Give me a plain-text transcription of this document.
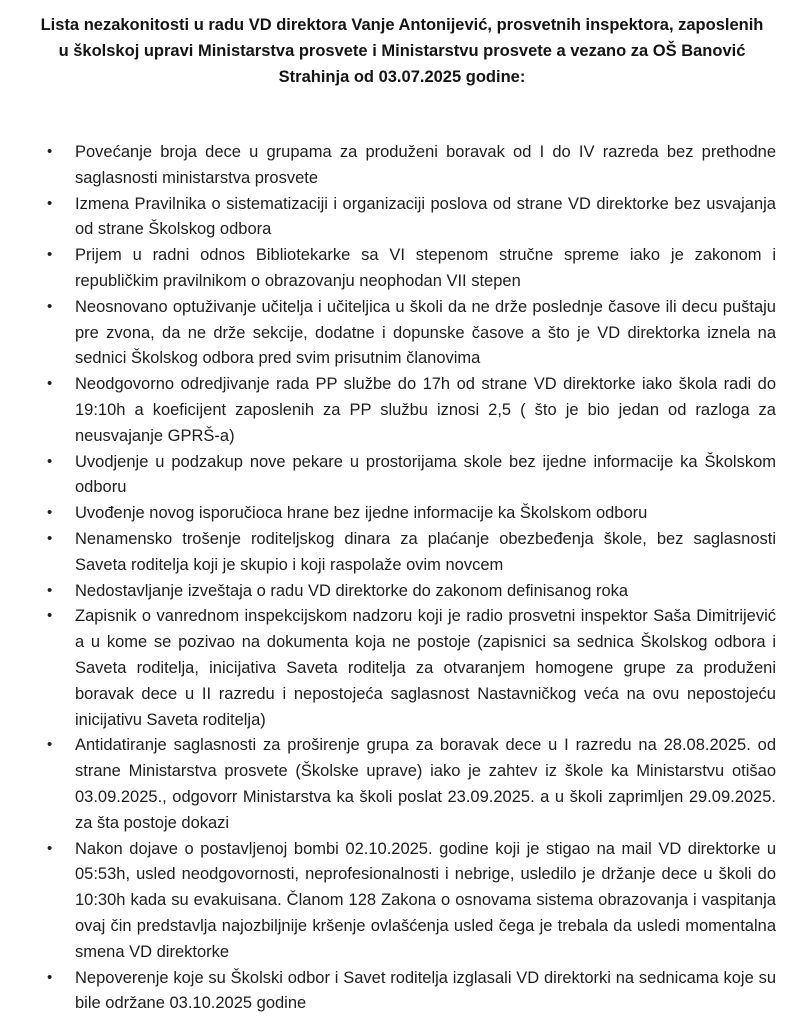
Lista nezakonitosti u radu VD direktora Vanje Antonijević, prosvetnih inspektora, zaposlenih
u školskoj upravi Ministarstva prosvete i Ministarstvu prosvete a vezano za OŠ Banović
Strahinja od 03.07.2025 godine:
• Povećanje broja dece u grupama za produženi boravak od I do IV razreda bez prethodne saglasnosti ministarstva prosvete
• Izmena Pravilnika o sistematizaciji i organizaciji poslova od strane VD direktorke bez usvajanja od strane Školskog odbora
• Prijem u radni odnos Bibliotekarke sa VI stepenom stručne spreme iako je zakonom i republičkim pravilnikom o obrazovanju neophodan VII stepen
• Neosnovano optuživanje učitelja i učiteljica u školi da ne drže poslednje časove ili decu puštaju pre zvona, da ne drže sekcije, dodatne i dopunske časove a što je VD direktorka iznela na sednici Školskog odbora pred svim prisutnim članovima
• Neodgovorno odredjivanje rada PP službe do 17h od strane VD direktorke iako škola radi do 19:10h a koeficijent zaposlenih za PP službu iznosi 2,5 ( što je bio jedan od razloga za neusvajanje GPRŠ-a)
• Uvodjenje u podzakup nove pekare u prostorijama skole bez ijedne informacije ka Školskom odboru
• Uvođenje novog isporučioca hrane bez ijedne informacije ka Školskom odboru
• Nenamensko trošenje roditeljskog dinara za plaćanje obezbeđenja škole, bez saglasnosti Saveta roditelja koji je skupio i koji raspolaže ovim novcem
• Nedostavljanje izveštaja o radu VD direktorke do zakonom definisanog roka
• Zapisnik o vanrednom inspekcijskom nadzoru koji je radio prosvetni inspektor Saša Dimitrijević a u kome se pozivao na dokumenta koja ne postoje (zapisnici sa sednica Školskog odbora i Saveta roditelja, inicijativa Saveta roditelja za otvaranjem homogene grupe za produženi boravak dece u II razredu i nepostojeća saglasnost Nastavničkog veća na ovu nepostojeću inicijativu Saveta roditelja)
• Antidatiranje saglasnosti za proširenje grupa za boravak dece u I razredu na 28.08.2025. od strane Ministarstva prosvete (Školske uprave) iako je zahtev iz škole ka Ministarstvu otišao 03.09.2025., odgovorr Ministarstva ka školi poslat 23.09.2025. a u školi zaprimljen 29.09.2025. za šta postoje dokazi
• Nakon dojave o postavljenoj bombi 02.10.2025. godine koji je stigao na mail VD direktorke u 05:53h, usled neodgovornosti, neprofesionalnosti i nebrige, usledilo je držanje dece u školi do 10:30h kada su evakuisana. Članom 128 Zakona o osnovama sistema obrazovanja i vaspitanja ovaj čin predstavlja najozbiljnije kršenje ovlašćenja usled čega je trebala da usledi momentalna smena VD direktorke
• Nepoverenje koje su Školski odbor i Savet roditelja izglasali VD direktorki na sednicama koje su bile održane 03.10.2025 godine
